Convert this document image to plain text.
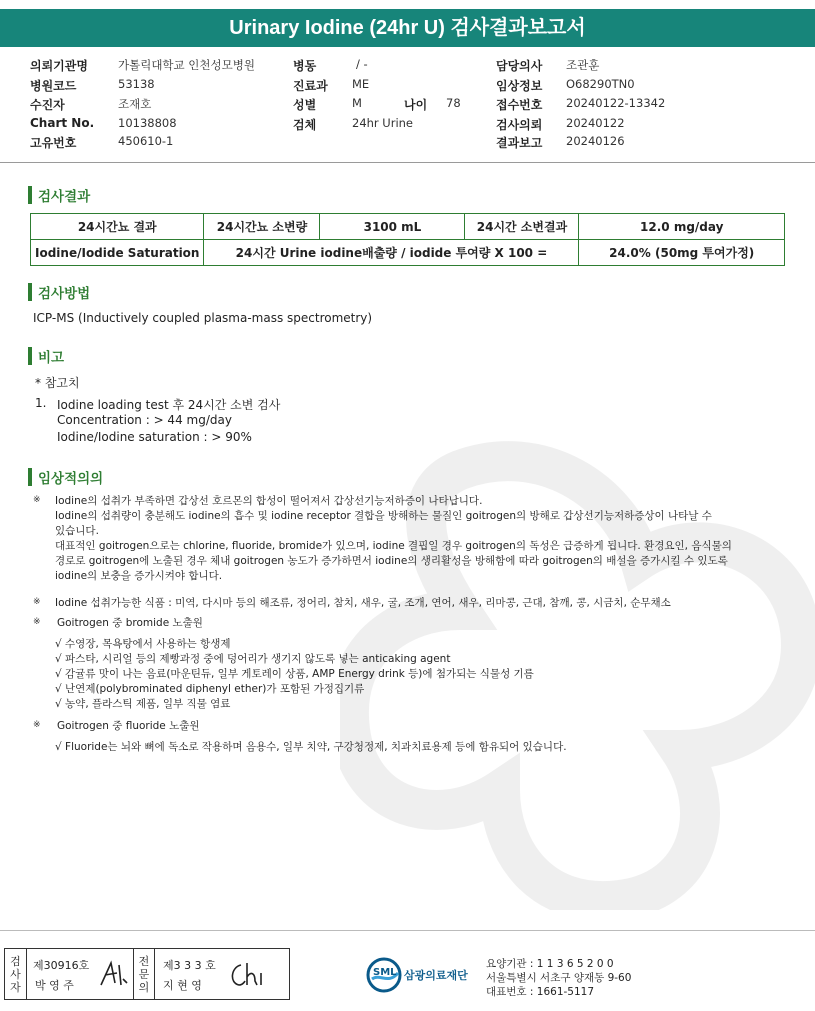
Urinary Iodine (24hr U) 검사결과보고서
의뢰기관명	가톨릭대학교 인천성모병원
병원코드	53138
수진자	조재호
Chart No. 10138808
고유번호	450610-1
병동	/ -
진료과 ME
성별	M	나이 78
검체	24hr Urine
담당의사 조관훈
임상정보 O68290TN0
접수번호 20240122-13342
검사의뢰 20240122
결과보고 20240126
검사결과
24시간뇨 결과	24시간뇨 소변량	3100 mL	24시간 소변결과	12.0 mg/day
Iodine/Iodide Saturation	24시간 Urine iodine배출량 / iodide 투여량 X 100 =			24.0% (50mg 투여가정)
검사방법
ICP-MS (Inductively coupled plasma-mass spectrometry)
비고
* 참고치
1. Iodine loading test 후 24시간 소변 검사
Concentration : > 44 mg/day
Iodine/Iodine saturation : > 90%
임상적의의
※ Iodine의 섭취가 부족하면 갑상선 호르몬의 합성이 떨어져서 갑상선기능저하증이 나타납니다.
Iodine의 섭취량이 충분해도 iodine의 흡수 및 iodine receptor 결합을 방해하는 물질인 goitrogen의 방해로 갑상선기능저하증상이 나타날 수
있습니다.
대표적인 goitrogen으로는 chlorine, fluoride, bromide가 있으며, iodine 결핍일 경우 goitrogen의 독성은 급증하게 됩니다. 환경요인, 음식물의
경로로 goitrogen에 노출된 경우 체내 goitrogen 농도가 증가하면서 iodine의 생리활성을 방해함에 따라 goitrogen의 배설을 증가시킬 수 있도록
iodine의 보충을 증가시켜야 합니다.
※ Iodine 섭취가능한 식품 : 미역, 다시마 등의 해조류, 정어리, 참치, 새우, 굴, 조개, 연어, 새우, 리마콩, 근대, 참깨, 콩, 시금치, 순무채소
※ Goitrogen 중 bromide 노출원
√ 수영장, 목욕탕에서 사용하는 항생제
√ 파스타, 시리얼 등의 제빵과정 중에 덩어리가 생기지 않도록 넣는 anticaking agent
√ 감귤류 맛이 나는 음료(마운틴듀, 일부 게토레이 상품, AMP Energy drink 등)에 첨가되는 식물성 기름
√ 난연제(polybrominated diphenyl ether)가 포함된 가정집기류
√ 농약, 플라스틱 제품, 일부 직물 염료
※ Goitrogen 중 fluoride 노출원
√ Fluoride는 뇌와 뼈에 독소로 작용하며 음용수, 일부 치약, 구강청정제, 치과치료용제 등에 함유되어 있습니다.
검
사
자
제30916호
박 영 주
전
문
의
제3 3 3 호
지 현 영
SML 삼광의료재단
요양기관 : 1 1 3 6 5 2 0 0
서울특별시 서초구 양재동 9-60
대표번호 : 1661-5117
